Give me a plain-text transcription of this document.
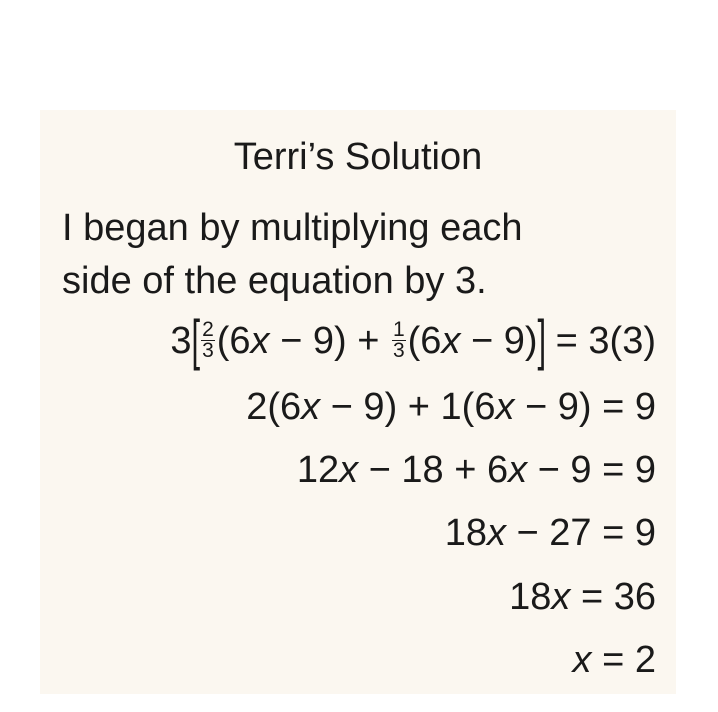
Terri’s Solution
I began by multiplying each
side of the equation by 3.
$3[ \frac{2}{3} (6x - 9) + \frac{1}{3} (6x - 9)] = 3(3)$
2(6x − 9) + 1(6x − 9) = 9
12x − 18 + 6x − 9 = 9
18x − 27 = 9
18x = 36
x = 2
